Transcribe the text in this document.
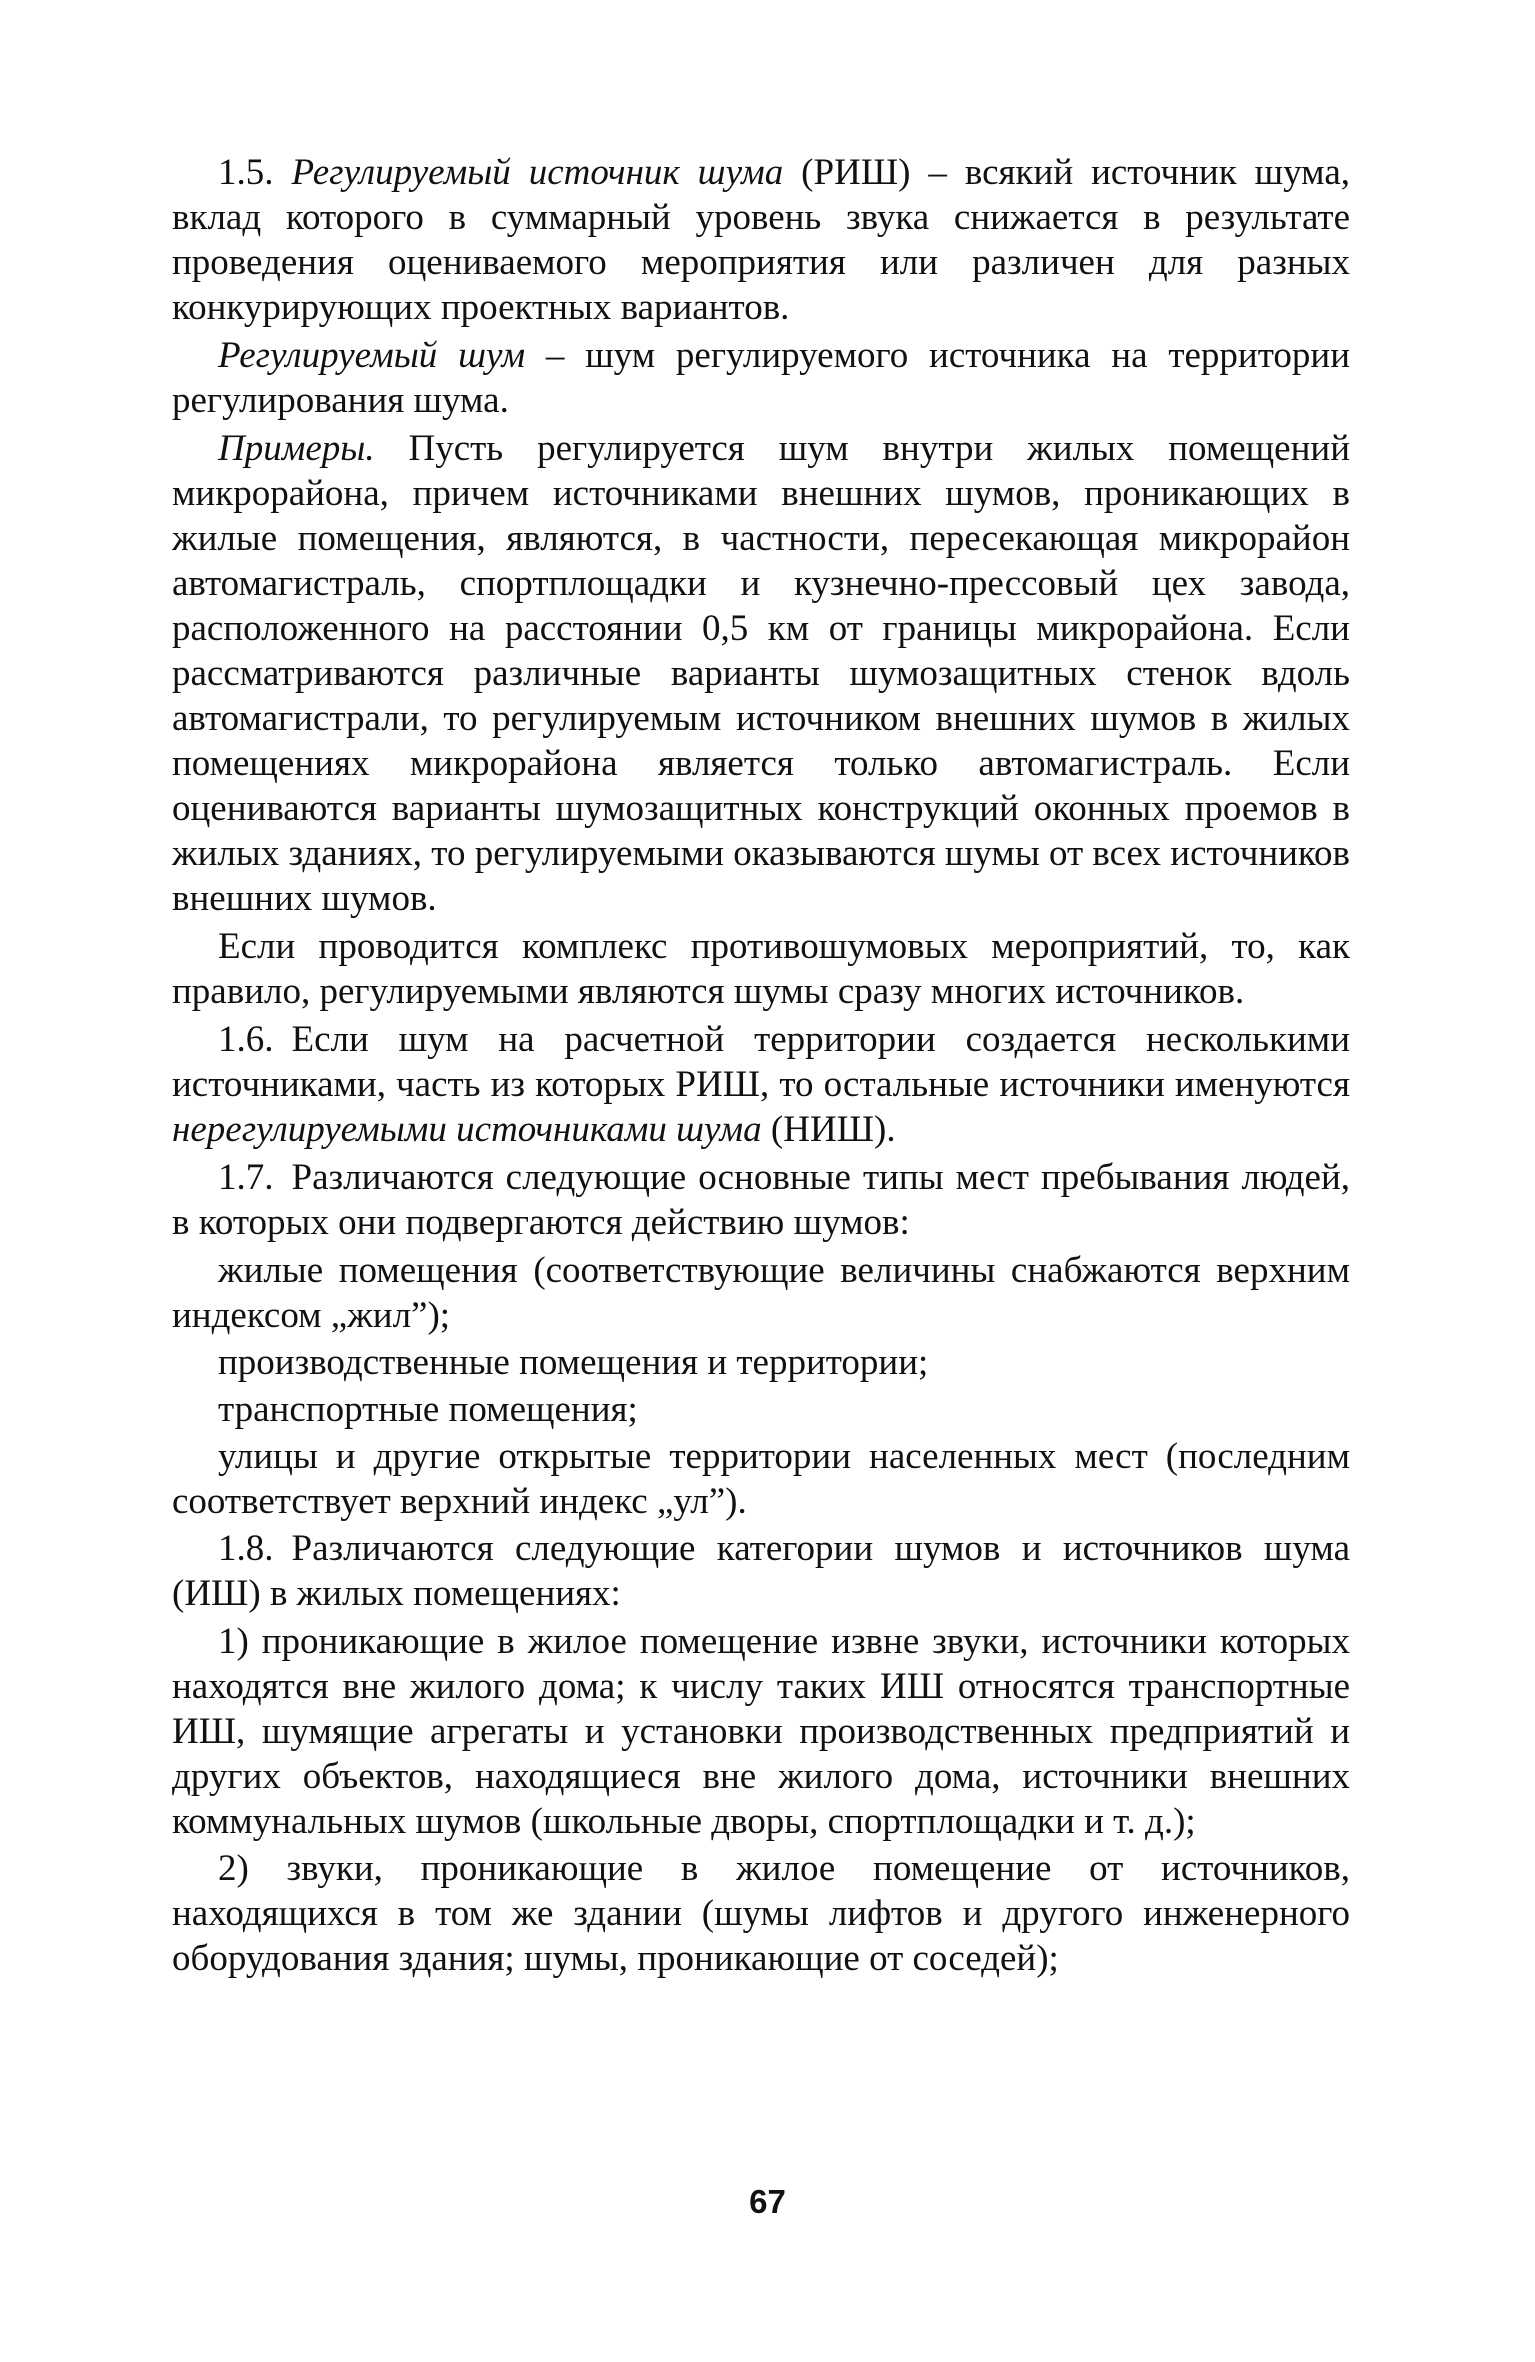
1.5. Регулируемый источник шума (РИШ) – всякий источник шума, вклад которого в суммарный уровень звука снижается в результате проведения оцениваемого мероприятия или различен для разных конкурирующих проектных вариантов.

Регулируемый шум – шум регулируемого источника на территории регулирования шума.

Примеры. Пусть регулируется шум внутри жилых помещений микрорайона, причем источниками внешних шумов, проникающих в жилые помещения, являются, в частности, пересекающая микрорайон автомагистраль, спортплощадки и кузнечно-прессовый цех завода, расположенного на расстоянии 0,5 км от границы микрорайона. Если рассматриваются различные варианты шумозащитных стенок вдоль автомагистрали, то регулируемым источником внешних шумов в жилых помещениях микрорайона является только автомагистраль. Если оцениваются варианты шумозащитных конструкций оконных проемов в жилых зданиях, то регулируемыми оказываются шумы от всех источников внешних шумов.

Если проводится комплекс противошумовых мероприятий, то, как правило, регулируемыми являются шумы сразу многих источников.

1.6. Если шум на расчетной территории создается несколькими источниками, часть из которых РИШ, то остальные источники именуются нерегулируемыми источниками шума (НИШ).

1.7. Различаются следующие основные типы мест пребывания людей, в которых они подвергаются действию шумов:

жилые помещения (соответствующие величины снабжаются верхним индексом „жил”);

производственные помещения и территории;

транспортные помещения;

улицы и другие открытые территории населенных мест (последним соответствует верхний индекс „ул”).

1.8. Различаются следующие категории шумов и источников шума (ИШ) в жилых помещениях:

1) проникающие в жилое помещение извне звуки, источники которых находятся вне жилого дома; к числу таких ИШ относятся транспортные ИШ, шумящие агрегаты и установки производственных предприятий и других объектов, находящиеся вне жилого дома, источники внешних коммунальных шумов (школьные дворы, спортплощадки и т. д.);

2) звуки, проникающие в жилое помещение от источников, находящихся в том же здании (шумы лифтов и другого инженерного оборудования здания; шумы, проникающие от соседей);

67
